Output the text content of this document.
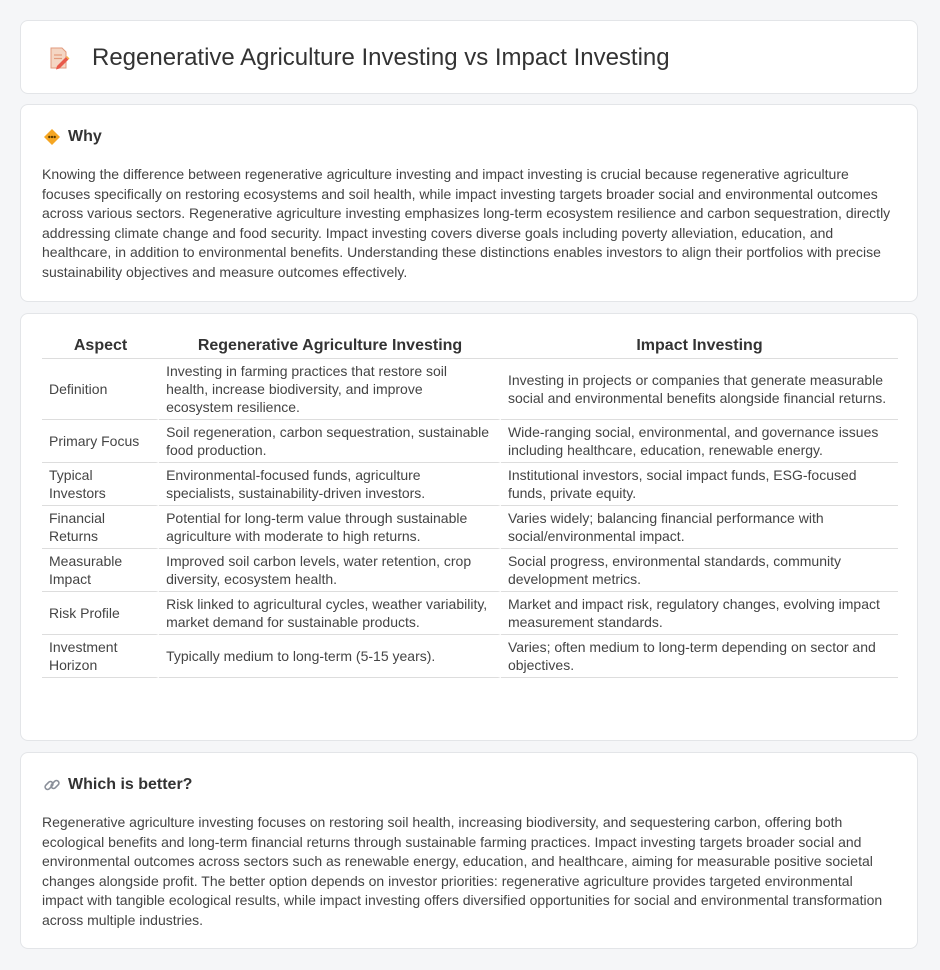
Regenerative Agriculture Investing vs Impact Investing
Why

Knowing the difference between regenerative agriculture investing and impact investing is crucial because regenerative agriculture focuses specifically on restoring ecosystems and soil health, while impact investing targets broader social and environmental outcomes across various sectors. Regenerative agriculture investing emphasizes long-term ecosystem resilience and carbon sequestration, directly addressing climate change and food security. Impact investing covers diverse goals including poverty alleviation, education, and healthcare, in addition to environmental benefits. Understanding these distinctions enables investors to align their portfolios with precise sustainability objectives and measure outcomes effectively.

Aspect	Regenerative Agriculture Investing	Impact Investing
Definition	Investing in farming practices that restore soil health, increase biodiversity, and improve ecosystem resilience.	Investing in projects or companies that generate measurable social and environmental benefits alongside financial returns.
Primary Focus	Soil regeneration, carbon sequestration, sustainable food production.	Wide-ranging social, environmental, and governance issues including healthcare, education, renewable energy.
Typical Investors	Environmental-focused funds, agriculture specialists, sustainability-driven investors.	Institutional investors, social impact funds, ESG-focused funds, private equity.
Financial Returns	Potential for long-term value through sustainable agriculture with moderate to high returns.	Varies widely; balancing financial performance with social/environmental impact.
Measurable Impact	Improved soil carbon levels, water retention, crop diversity, ecosystem health.	Social progress, environmental standards, community development metrics.
Risk Profile	Risk linked to agricultural cycles, weather variability, market demand for sustainable products.	Market and impact risk, regulatory changes, evolving impact measurement standards.
Investment Horizon	Typically medium to long-term (5-15 years).	Varies; often medium to long-term depending on sector and objectives.
Which is better?

Regenerative agriculture investing focuses on restoring soil health, increasing biodiversity, and sequestering carbon, offering both ecological benefits and long-term financial returns through sustainable farming practices. Impact investing targets broader social and environmental outcomes across sectors such as renewable energy, education, and healthcare, aiming for measurable positive societal changes alongside profit. The better option depends on investor priorities: regenerative agriculture provides targeted environmental impact with tangible ecological results, while impact investing offers diversified opportunities for social and environmental transformation across multiple industries.
